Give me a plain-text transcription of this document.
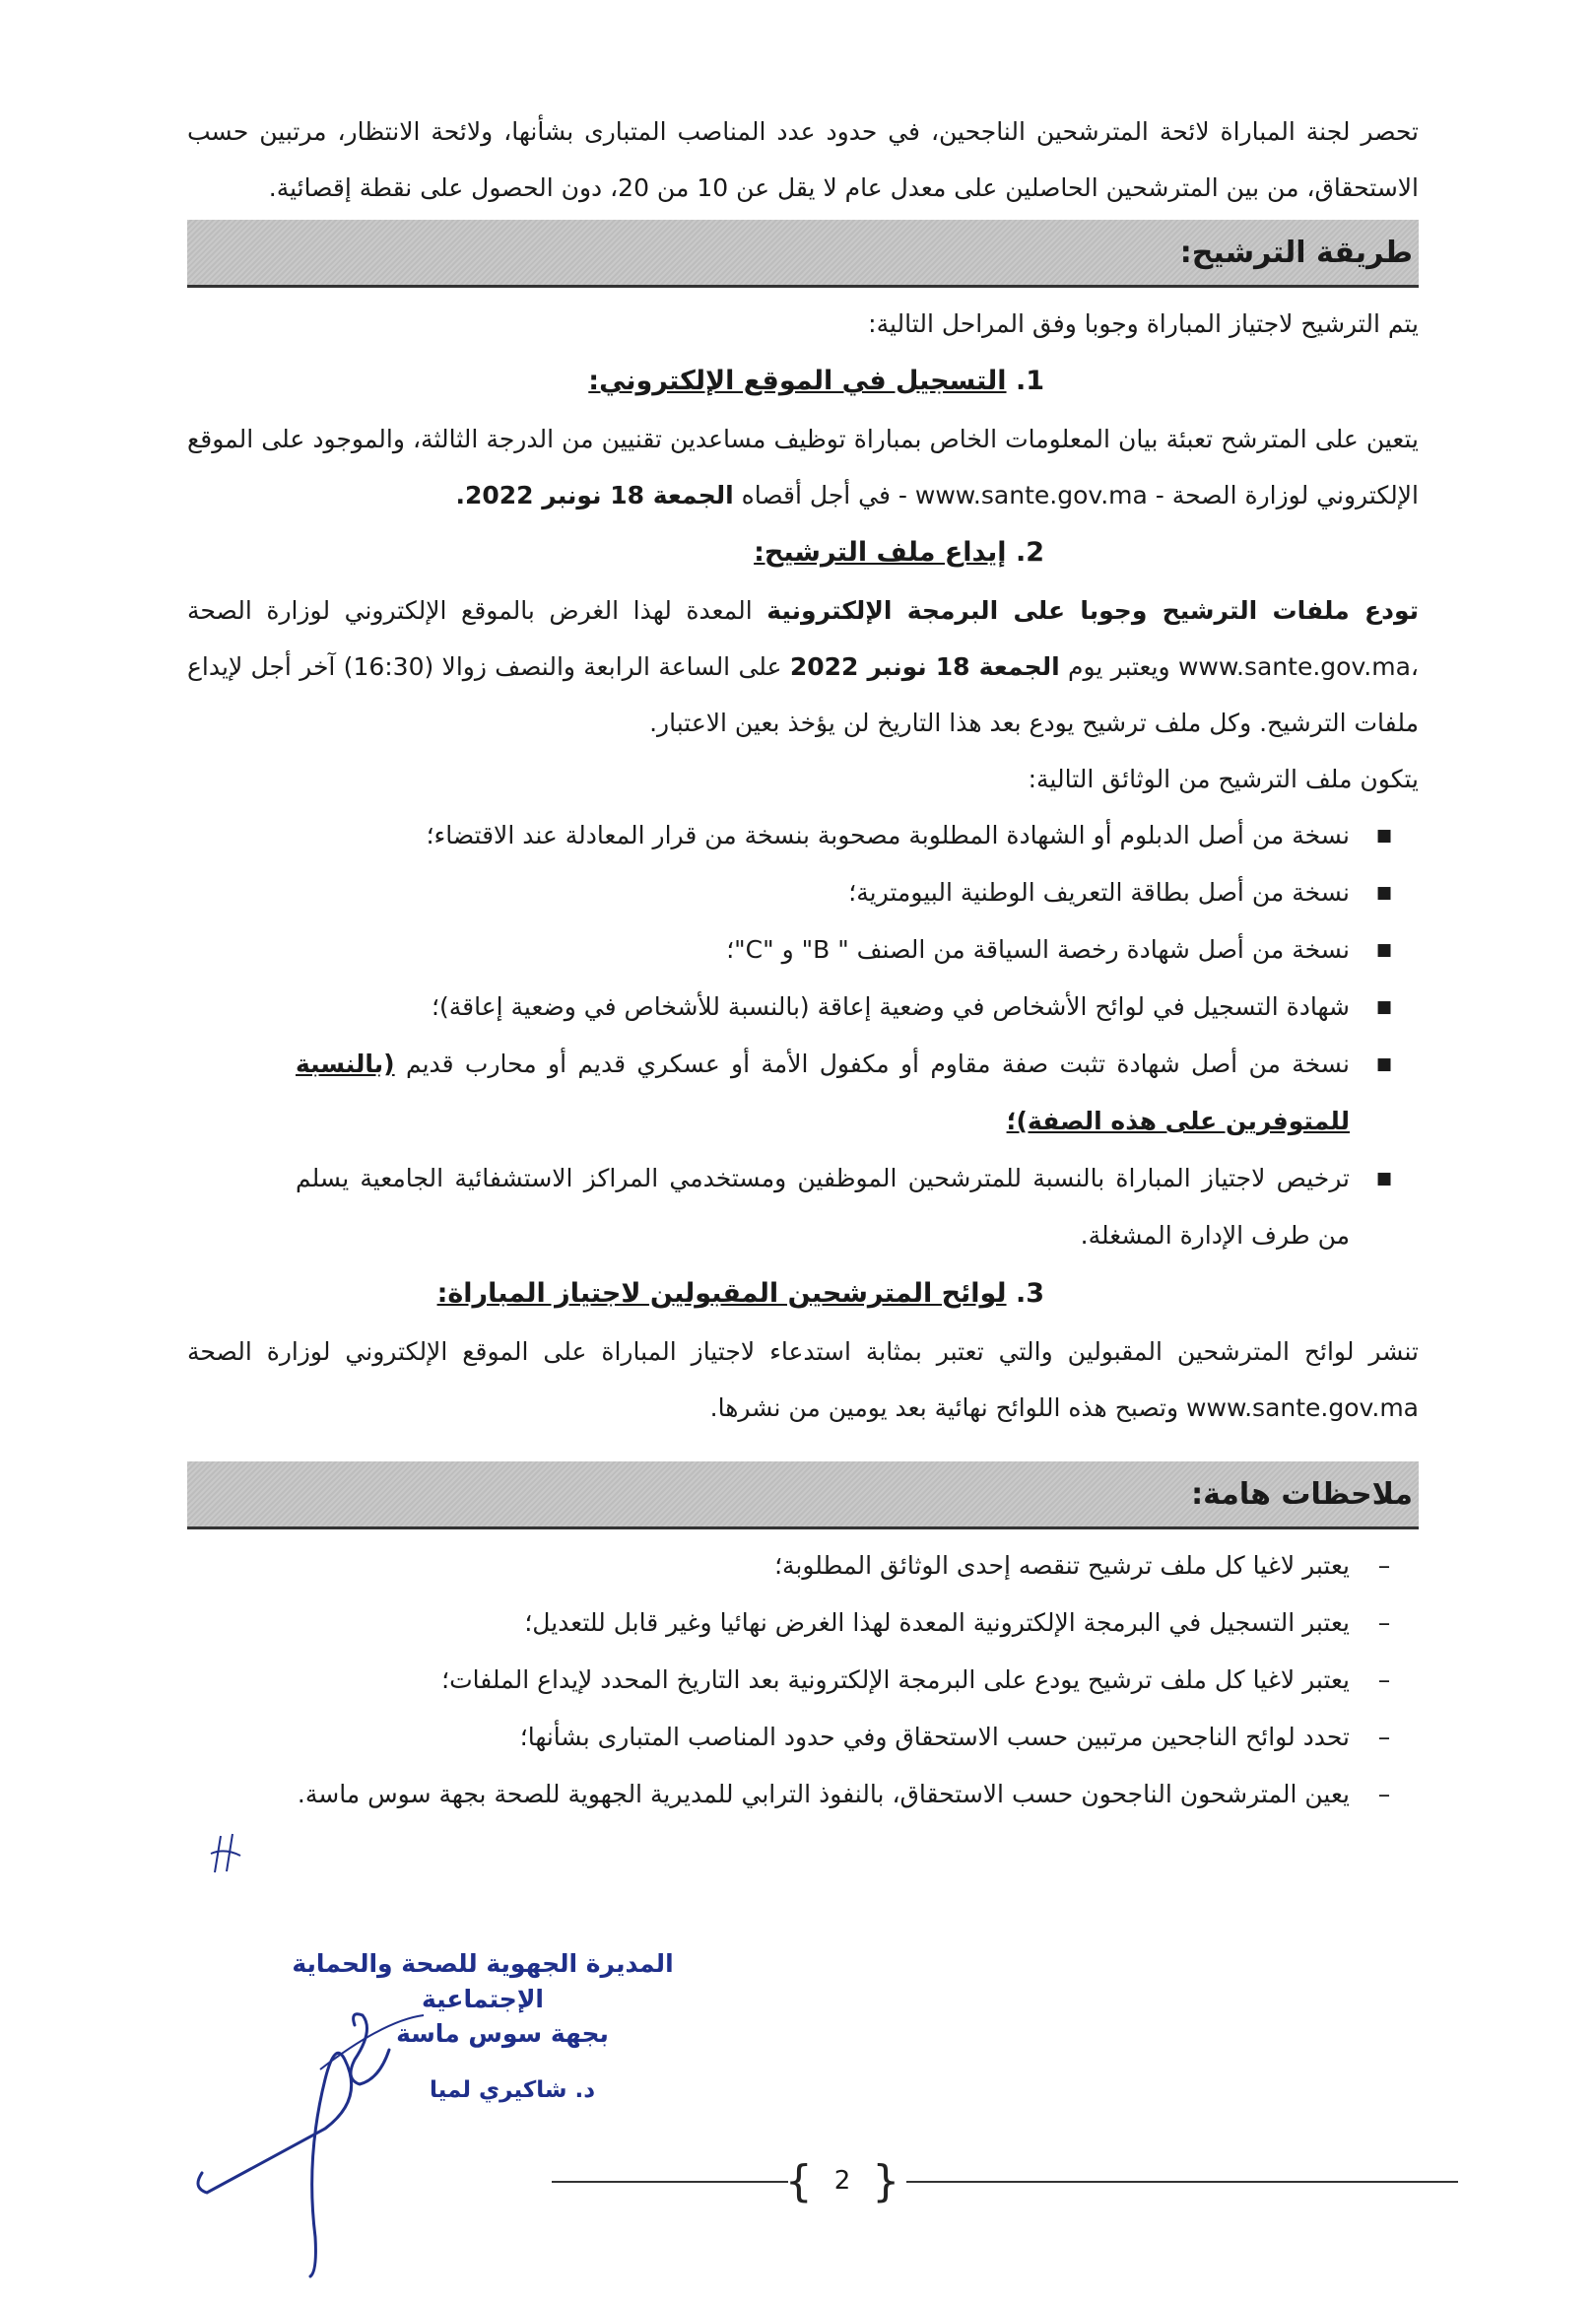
تحصر لجنة المباراة لائحة المترشحين الناجحين، في حدود عدد المناصب المتبارى بشأنها، ولائحة الانتظار، مرتبين حسب الاستحقاق، من بين المترشحين الحاصلين على معدل عام لا يقل عن 10 من 20، دون الحصول على نقطة إقصائية.

طريقة الترشيح:

يتم الترشيح لاجتياز المباراة وجوبا وفق المراحل التالية:

1. التسجيل في الموقع الإلكتروني:

يتعين على المترشح تعبئة بيان المعلومات الخاص بمباراة توظيف مساعدين تقنيين من الدرجة الثالثة، والموجود على الموقع الإلكتروني لوزارة الصحة - www.sante.gov.ma - في أجل أقصاه الجمعة 18 نونبر 2022.

2. إيداع ملف الترشيح:

تودع ملفات الترشيح وجوبا على البرمجة الإلكترونية المعدة لهذا الغرض بالموقع الإلكتروني لوزارة الصحة www.sante.gov.ma، ويعتبر يوم الجمعة 18 نونبر 2022 على الساعة الرابعة والنصف زوالا (16:30) آخر أجل لإيداع ملفات الترشيح. وكل ملف ترشيح يودع بعد هذا التاريخ لن يؤخذ بعين الاعتبار.

يتكون ملف الترشيح من الوثائق التالية:

■
نسخة من أصل الدبلوم أو الشهادة المطلوبة مصحوبة بنسخة من قرار المعادلة عند الاقتضاء؛
■
نسخة من أصل بطاقة التعريف الوطنية البيومترية؛
■
نسخة من أصل شهادة رخصة السياقة من الصنف " B" و "C"؛
■
شهادة التسجيل في لوائح الأشخاص في وضعية إعاقة (بالنسبة للأشخاص في وضعية إعاقة)؛
■
نسخة من أصل شهادة تثبت صفة مقاوم أو مكفول الأمة أو عسكري قديم أو محارب قديم (بالنسبة للمتوفرين على هذه الصفة)؛
■
ترخيص لاجتياز المباراة بالنسبة للمترشحين الموظفين ومستخدمي المراكز الاستشفائية الجامعية يسلم من طرف الإدارة المشغلة.
3. لوائح المترشحين المقبولين لاجتياز المباراة:

تنشر لوائح المترشحين المقبولين والتي تعتبر بمثابة استدعاء لاجتياز المباراة على الموقع الإلكتروني لوزارة الصحة www.sante.gov.ma وتصبح هذه اللوائح نهائية بعد يومين من نشرها.

ملاحظات هامة:
–
يعتبر لاغيا كل ملف ترشيح تنقصه إحدى الوثائق المطلوبة؛
–
يعتبر التسجيل في البرمجة الإلكترونية المعدة لهذا الغرض نهائيا وغير قابل للتعديل؛
–
يعتبر لاغيا كل ملف ترشيح يودع على البرمجة الإلكترونية بعد التاريخ المحدد لإيداع الملفات؛
–
تحدد لوائح الناجحين مرتبين حسب الاستحقاق وفي حدود المناصب المتبارى بشأنها؛
–
يعين المترشحون الناجحون حسب الاستحقاق، بالنفوذ الترابي للمديرية الجهوية للصحة بجهة سوس ماسة.
المديرة الجهوية للصحة والحماية الإجتماعية
بجهة سوس ماسة
د. شاكيري لميا
{
2
}
